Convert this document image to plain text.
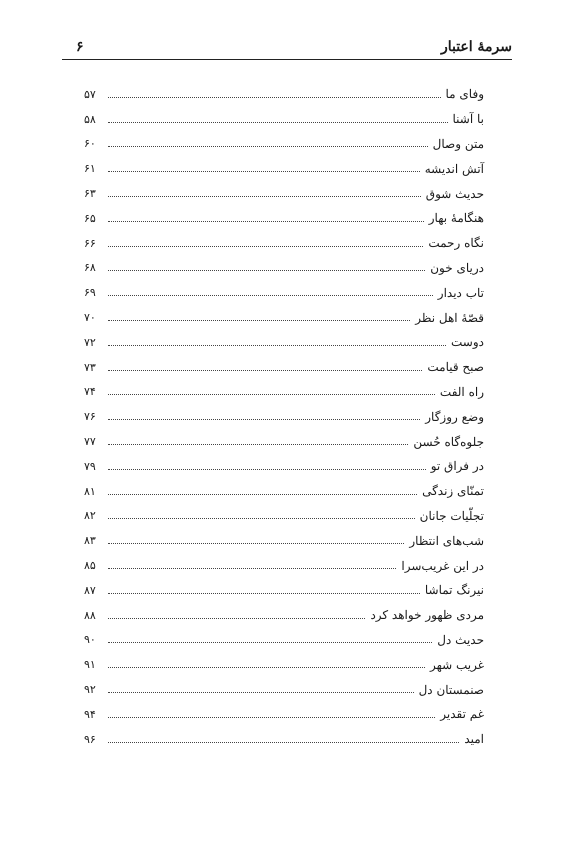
سرمهٔ اعتبار
۶
وفای ما
۵۷
با آشنا
۵۸
متن وصال
۶۰
آتش اندیشه
۶۱
حدیث شوق
۶۳
هنگامهٔ بهار
۶۵
نگاه رحمت
۶۶
دریای خون
۶۸
تاب دیدار
۶۹
قصّهٔ اهل نظر
۷۰
دوست
۷۲
صبح قیامت
۷۳
راه الفت
۷۴
وضع روزگار
۷۶
جلوه‌گاه حُسن
۷۷
در فراق تو
۷۹
تمنّای زندگی
۸۱
تجلّیات جانان
۸۲
شب‌های انتظار
۸۳
در این غریب‌سرا
۸۵
نیرنگ تماشا
۸۷
مردی ظهور خواهد کرد
۸۸
حدیث دل
۹۰
غریب شهر
۹۱
صنمستان دل
۹۲
غم تقدیر
۹۴
امید
۹۶
